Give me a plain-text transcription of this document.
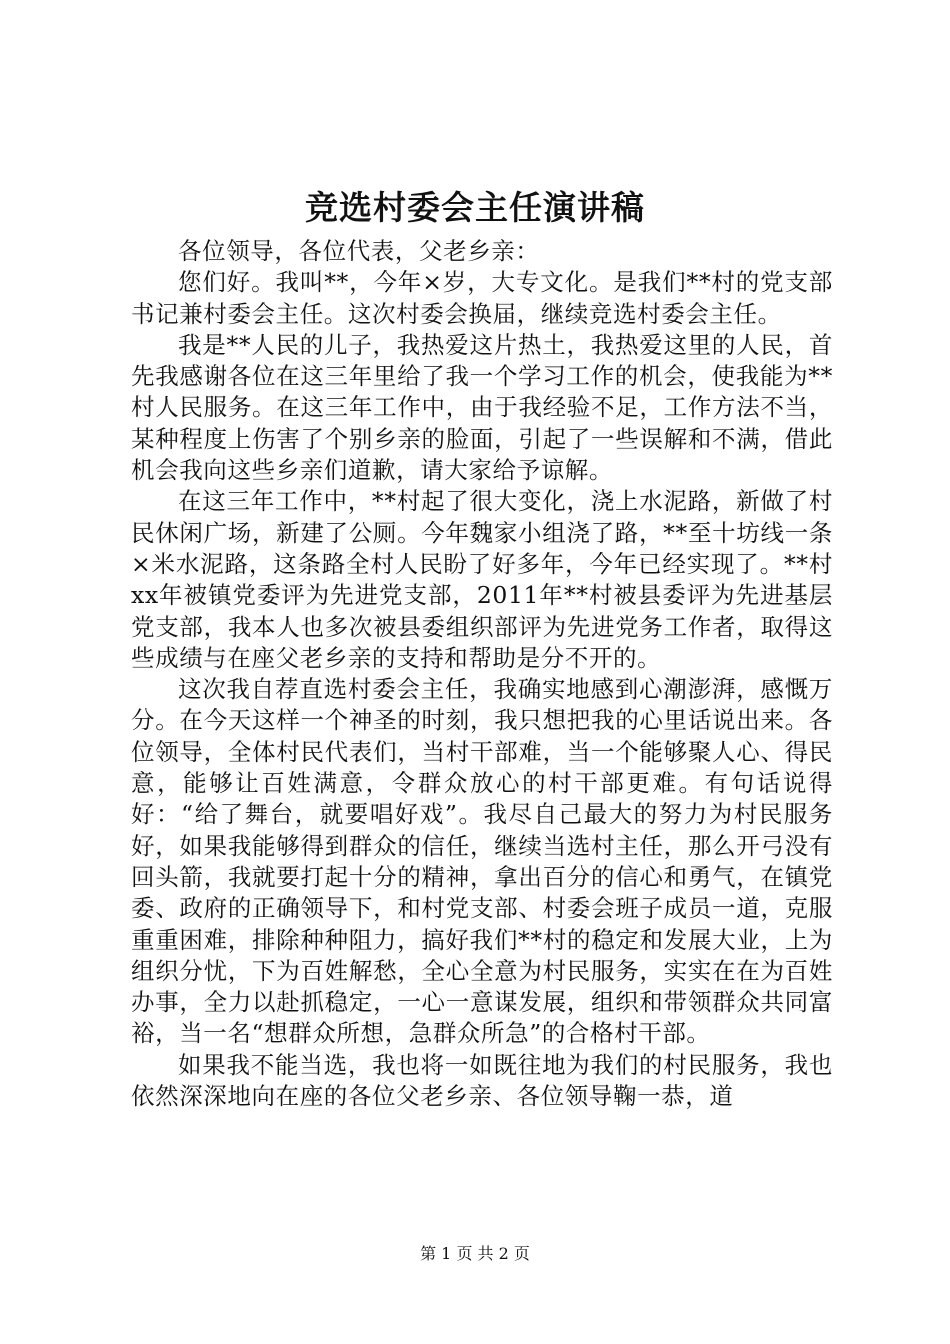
竞选村委会主任演讲稿

各位领导，各位代表，父老乡亲：

您们好。我叫**，今年×岁，大专文化。是我们**村的党支部书记兼村委会主任。这次村委会换届，继续竞选村委会主任。

我是**人民的儿子，我热爱这片热土，我热爱这里的人民，首先我感谢各位在这三年里给了我一个学习工作的机会，使我能为**村人民服务。在这三年工作中，由于我经验不足，工作方法不当，某种程度上伤害了个别乡亲的脸面，引起了一些误解和不满，借此机会我向这些乡亲们道歉，请大家给予谅解。

在这三年工作中，**村起了很大变化，浇上水泥路，新做了村民休闲广场，新建了公厕。今年魏家小组浇了路，**至十坊线一条×米水泥路，这条路全村人民盼了好多年，今年已经实现了。**村xx年被镇党委评为先进党支部，2011年**村被县委评为先进基层党支部，我本人也多次被县委组织部评为先进党务工作者，取得这些成绩与在座父老乡亲的支持和帮助是分不开的。

这次我自荐直选村委会主任，我确实地感到心潮澎湃，感慨万分。在今天这样一个神圣的时刻，我只想把我的心里话说出来。各位领导，全体村民代表们，当村干部难，当一个能够聚人心、得民意，能够让百姓满意，令群众放心的村干部更难。有句话说得好：“给了舞台，就要唱好戏”。我尽自己最大的努力为村民服务好，如果我能够得到群众的信任，继续当选村主任，那么开弓没有回头箭，我就要打起十分的精神，拿出百分的信心和勇气，在镇党委、政府的正确领导下，和村党支部、村委会班子成员一道，克服重重困难，排除种种阻力，搞好我们**村的稳定和发展大业，上为组织分忧，下为百姓解愁，全心全意为村民服务，实实在在为百姓办事，全力以赴抓稳定，一心一意谋发展，组织和带领群众共同富裕，当一名“想群众所想，急群众所急”的合格村干部。

如果我不能当选，我也将一如既往地为我们的村民服务，我也依然深深地向在座的各位父老乡亲、各位领导鞠一恭，道

第 1 页 共 2 页
